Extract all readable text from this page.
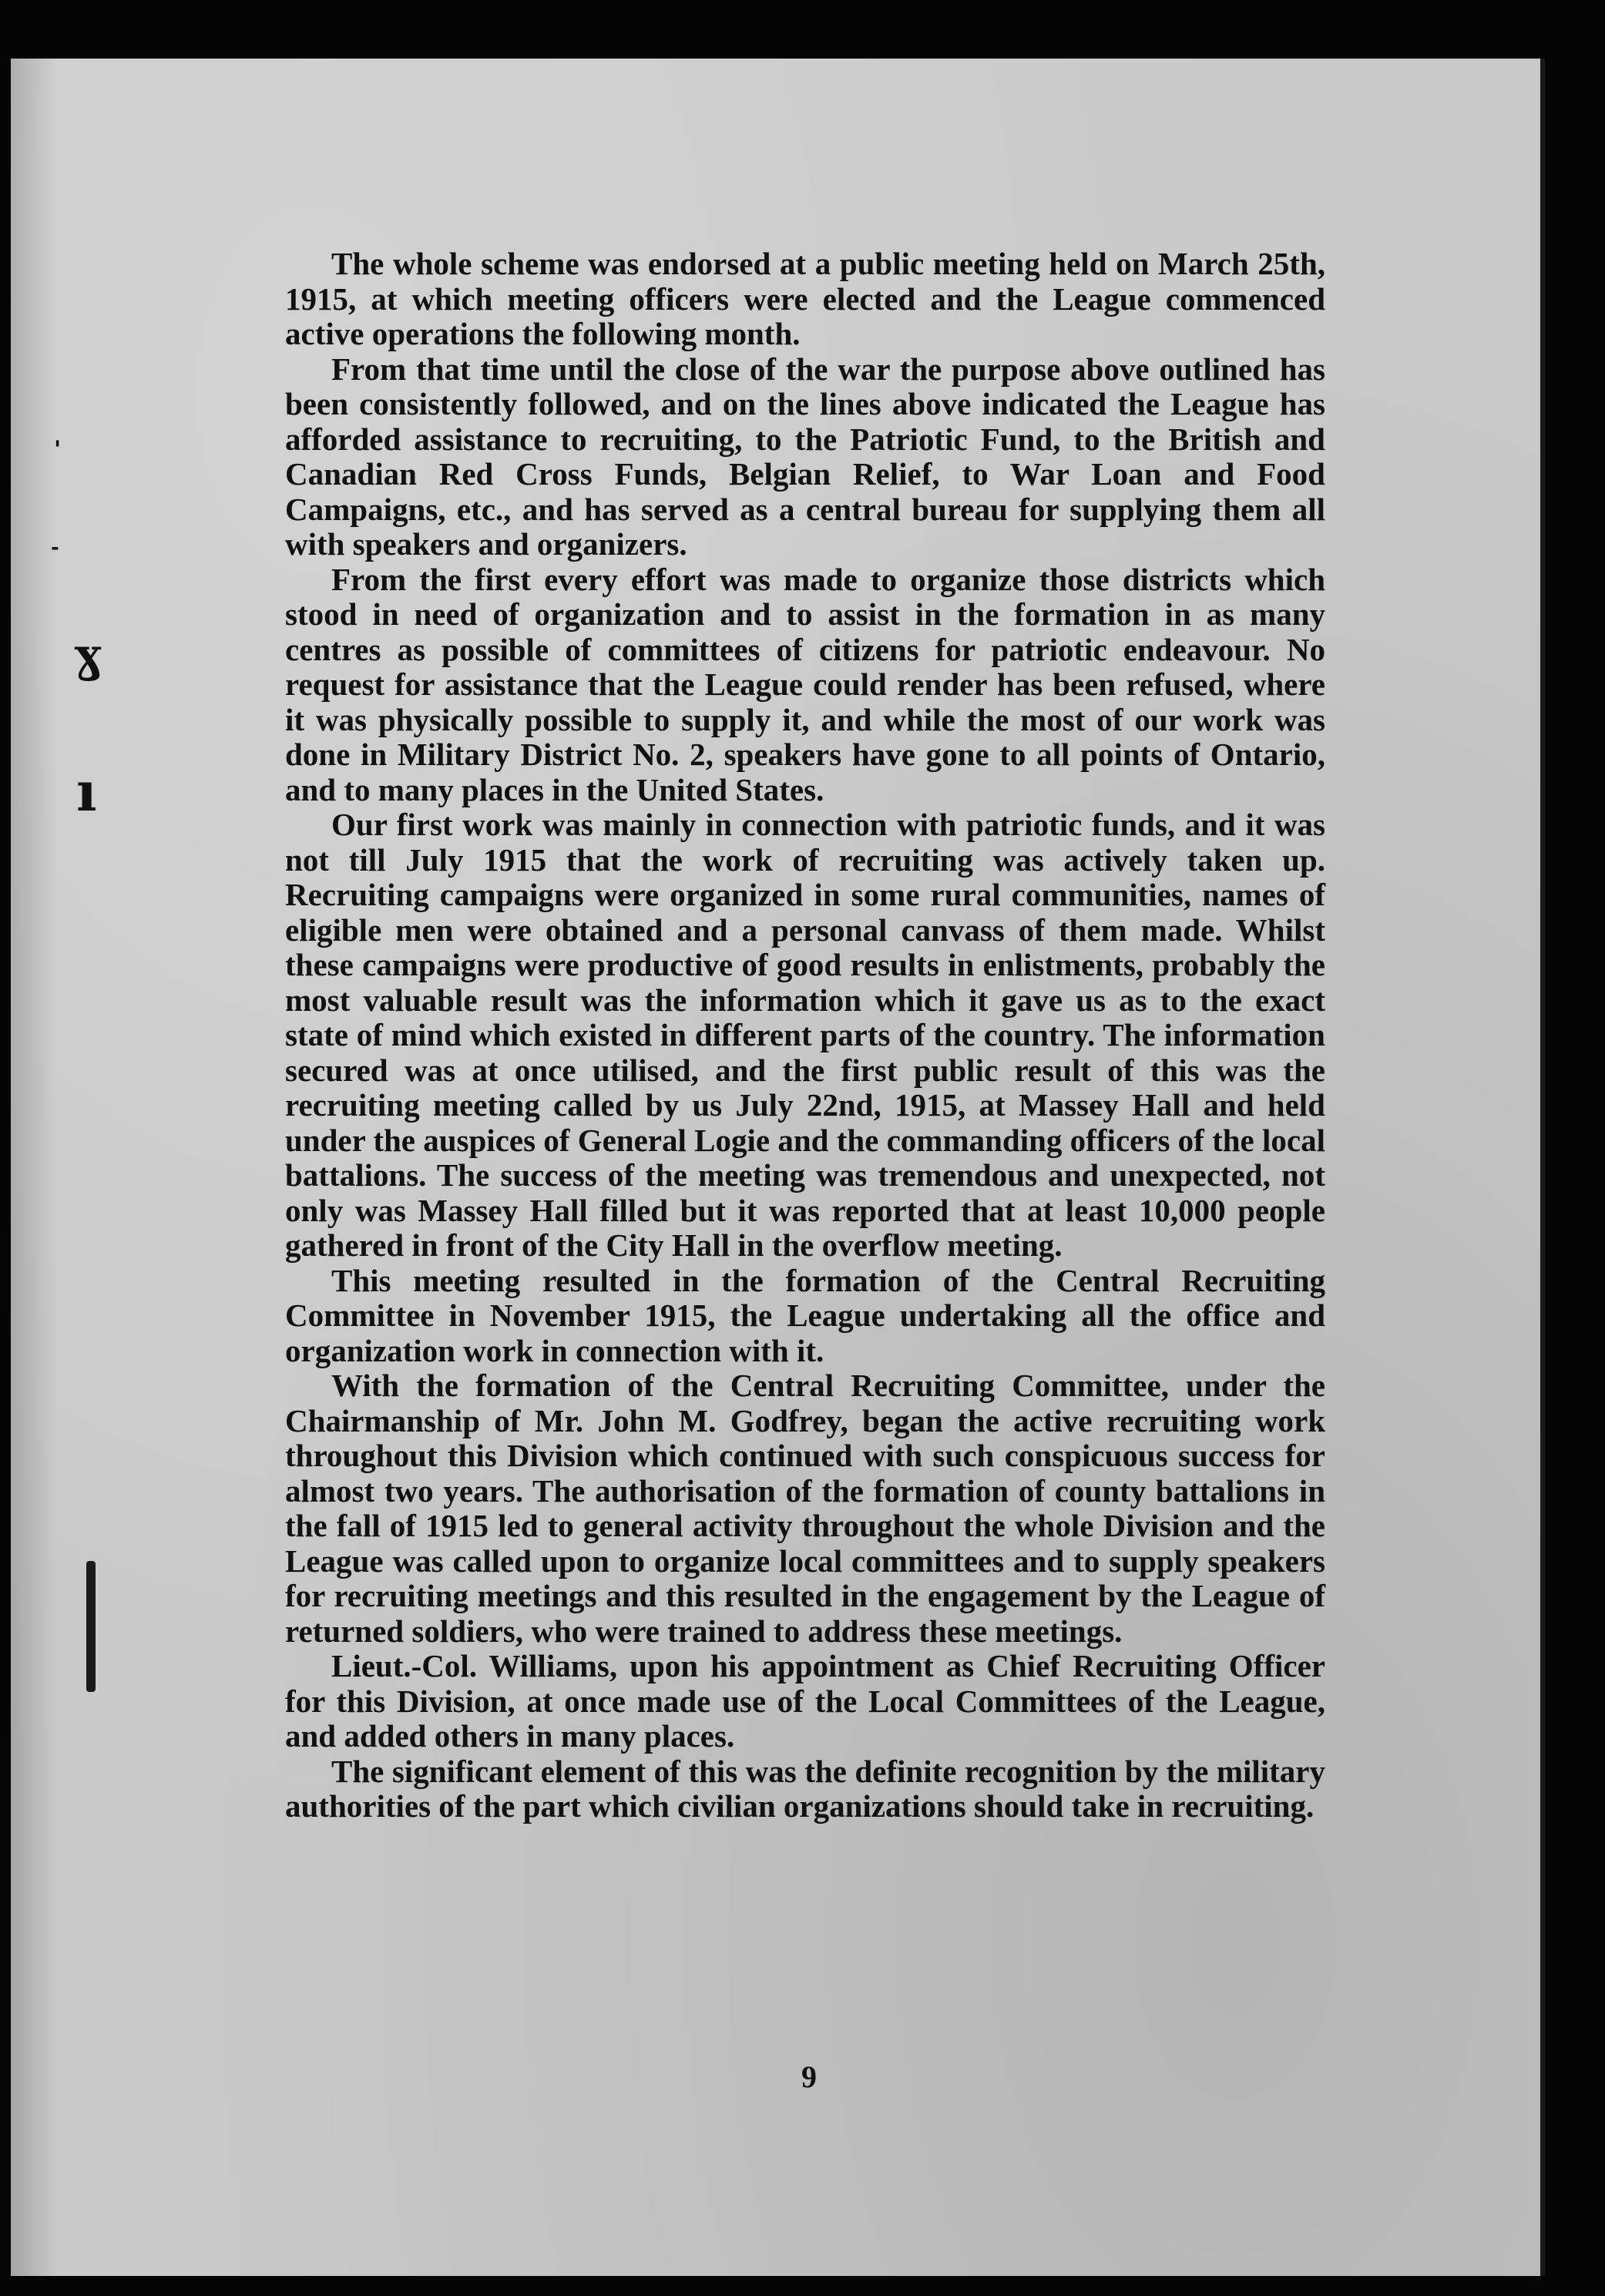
ɣ
ı
'
-

The whole scheme was endorsed at a public meeting held on March 25th, 1915, at which meeting officers were elected and the League commenced active operations the following month.

From that time until the close of the war the purpose above outlined has been consistently followed, and on the lines above indicated the League has afforded assistance to recruiting, to the Patriotic Fund, to the British and Canadian Red Cross Funds, Belgian Relief, to War Loan and Food Campaigns, etc., and has served as a central bureau for supplying them all with speakers and organizers.

From the first every effort was made to organize those districts which stood in need of organization and to assist in the formation in as many centres as possible of committees of citizens for patriotic endeavour. No request for assistance that the League could render has been refused, where it was physically possible to supply it, and while the most of our work was done in Military District No. 2, speakers have gone to all points of Ontario, and to many places in the United States.

Our first work was mainly in connection with patriotic funds, and it was not till July 1915 that the work of recruiting was actively taken up. Recruiting campaigns were organized in some rural communities, names of eligible men were obtained and a personal canvass of them made. Whilst these campaigns were productive of good results in enlistments, probably the most valuable result was the information which it gave us as to the exact state of mind which existed in different parts of the country. The information secured was at once utilised, and the first public result of this was the recruiting meeting called by us July 22nd, 1915, at Massey Hall and held under the auspices of General Logie and the commanding officers of the local battalions. The success of the meeting was tremendous and unexpected, not only was Massey Hall filled but it was reported that at least 10,000 people gathered in front of the City Hall in the overflow meeting.

This meeting resulted in the formation of the Central Recruiting Committee in November 1915, the League undertaking all the office and organization work in connection with it.

With the formation of the Central Recruiting Committee, under the Chairmanship of Mr. John M. Godfrey, began the active recruiting work throughout this Division which continued with such conspicuous success for almost two years. The authorisation of the formation of county battalions in the fall of 1915 led to general activity throughout the whole Division and the League was called upon to organize local committees and to supply speakers for recruiting meetings and this resulted in the engagement by the League of returned soldiers, who were trained to address these meetings.

Lieut.-Col. Williams, upon his appointment as Chief Recruiting Officer for this Division, at once made use of the Local Committees of the League, and added others in many places.

The significant element of this was the definite recognition by the military authorities of the part which civilian organizations should take in recruiting.

9
